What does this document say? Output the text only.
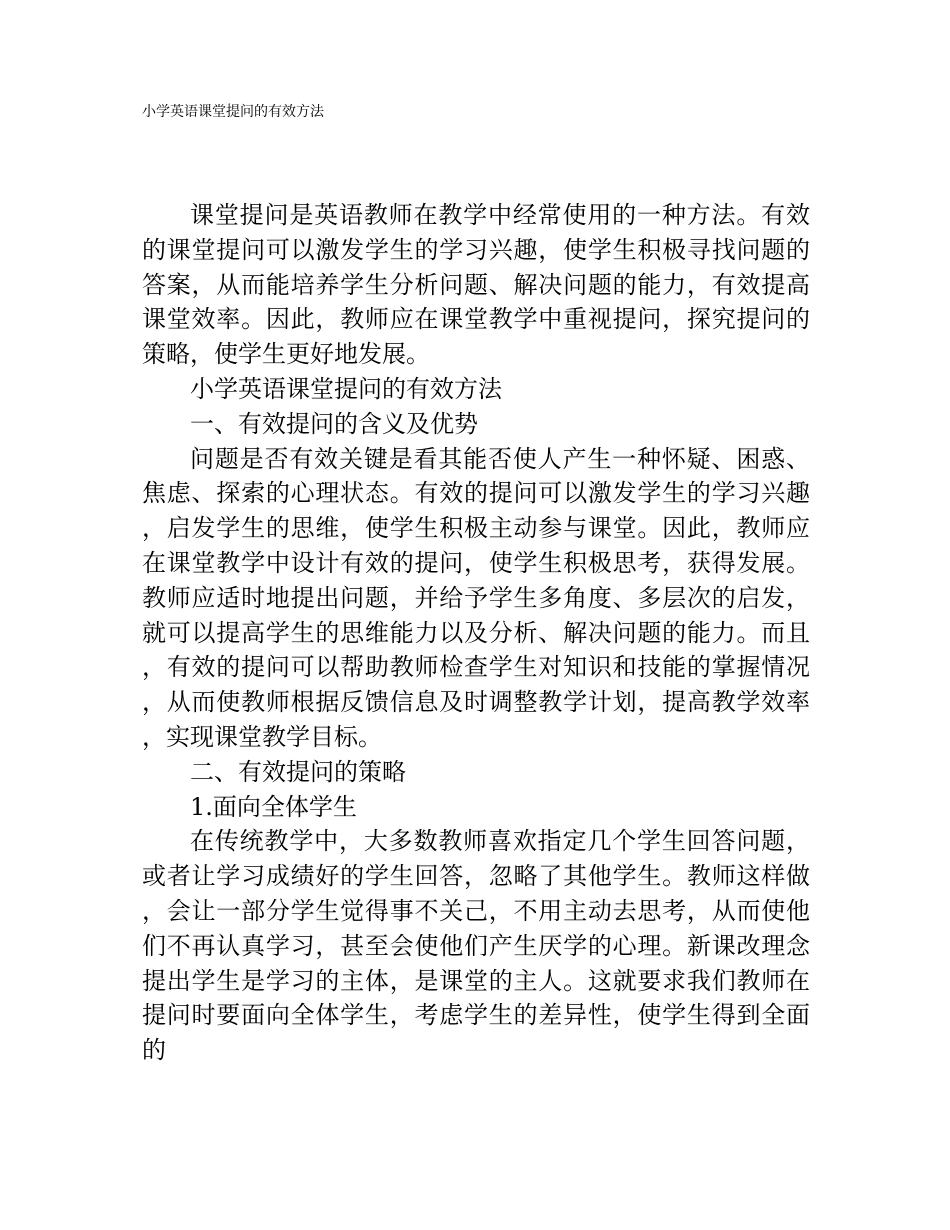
小学英语课堂提问的有效方法

课堂提问是英语教师在教学中经常使用的一种方法。有效的课堂提问可以激发学生的学习兴趣，使学生积极寻找问题的答案，从而能培养学生分析问题、解决问题的能力，有效提高课堂效率。因此，教师应在课堂教学中重视提问，探究提问的策略，使学生更好地发展。

小学英语课堂提问的有效方法

一、有效提问的含义及优势

问题是否有效关键是看其能否使人产生一种怀疑、困惑、焦虑、探索的心理状态。有效的提问可以激发学生的学习兴趣，启发学生的思维，使学生积极主动参与课堂。因此，教师应在课堂教学中设计有效的提问，使学生积极思考，获得发展。教师应适时地提出问题，并给予学生多角度、多层次的启发，就可以提高学生的思维能力以及分析、解决问题的能力。而且，有效的提问可以帮助教师检查学生对知识和技能的掌握情况，从而使教师根据反馈信息及时调整教学计划，提高教学效率，实现课堂教学目标。

二、有效提问的策略

1.面向全体学生

在传统教学中，大多数教师喜欢指定几个学生回答问题，或者让学习成绩好的学生回答，忽略了其他学生。教师这样做，会让一部分学生觉得事不关己，不用主动去思考，从而使他们不再认真学习，甚至会使他们产生厌学的心理。新课改理念提出学生是学习的主体，是课堂的主人。这就要求我们教师在提问时要面向全体学生，考虑学生的差异性，使学生得到全面的
